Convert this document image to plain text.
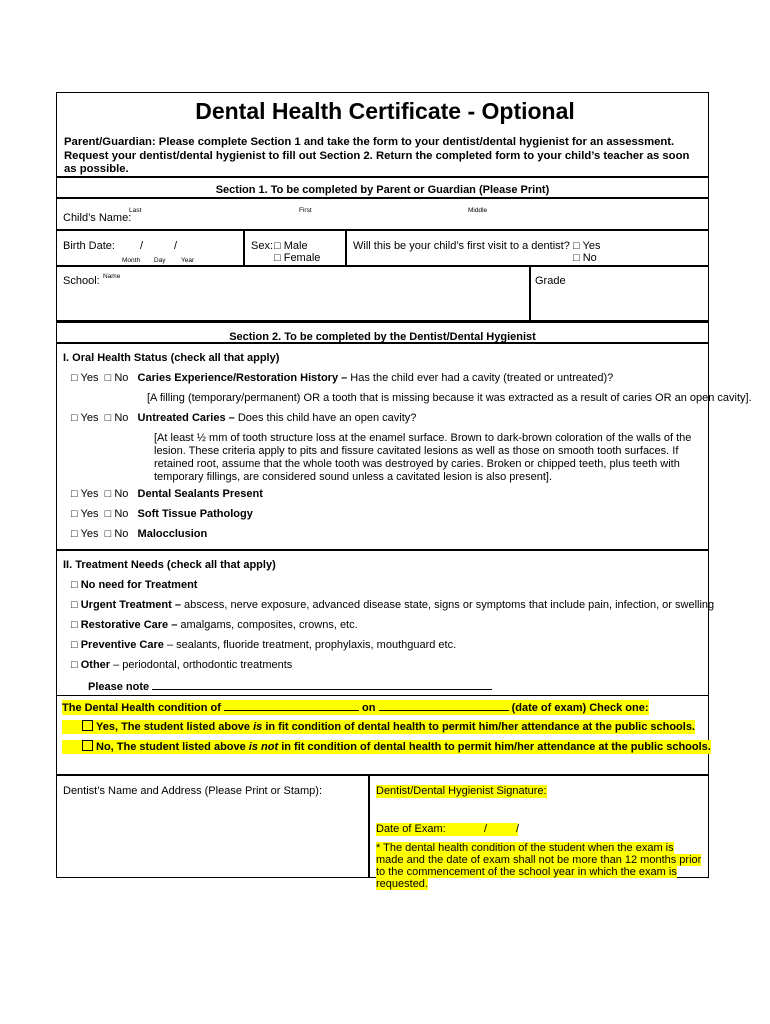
Dental Health Certificate - Optional
Parent/Guardian: Please complete Section 1 and take the form to your dentist/dental hygienist for an assessment. Request your dentist/dental hygienist to fill out Section 2. Return the completed form to your child’s teacher as soon as possible.
Section 1. To be completed by Parent or Guardian (Please Print)
Child’s Name:
Last	First	Middle
Birth Date: /	/
Month Day Year
Sex: □ Male
□ Female
Will this be your child’s first visit to a dentist? □ Yes
□ No
School: Name	Grade
Section 2. To be completed by the Dentist/Dental Hygienist
I. Oral Health Status (check all that apply)
□ Yes □ No Caries Experience/Restoration History – Has the child ever had a cavity (treated or untreated)?
[A filling (temporary/permanent) OR a tooth that is missing because it was extracted as a result of caries OR an open cavity].
□ Yes □ No Untreated Caries – Does this child have an open cavity?
[At least ½ mm of tooth structure loss at the enamel surface. Brown to dark-brown coloration of the walls of the lesion. These criteria apply to pits and fissure cavitated lesions as well as those on smooth tooth surfaces. If retained root, assume that the whole tooth was destroyed by caries. Broken or chipped teeth, plus teeth with temporary fillings, are considered sound unless a cavitated lesion is also present].
□ Yes □ No Dental Sealants Present
□ Yes □ No Soft Tissue Pathology
□ Yes □ No Malocclusion
II. Treatment Needs (check all that apply)
□ No need for Treatment
□ Urgent Treatment – abscess, nerve exposure, advanced disease state, signs or symptoms that include pain, infection, or swelling
□ Restorative Care – amalgams, composites, crowns, etc.
□ Preventive Care – sealants, fluoride treatment, prophylaxis, mouthguard etc.
□ Other – periodontal, orthodontic treatments
Please note
The Dental Health condition of	on	(date of exam) Check one:
Yes, The student listed above is in fit condition of dental health to permit him/her attendance at the public schools.
No, The student listed above is not in fit condition of dental health to permit him/her attendance at the public schools.
Dentist’s Name and Address (Please Print or Stamp):	Dentist/Dental Hygienist Signature:
Date of Exam:	/	/
* The dental health condition of the student when the exam is made and the date of exam shall not be more than 12 months prior to the commencement of the school year in which the exam is requested.
